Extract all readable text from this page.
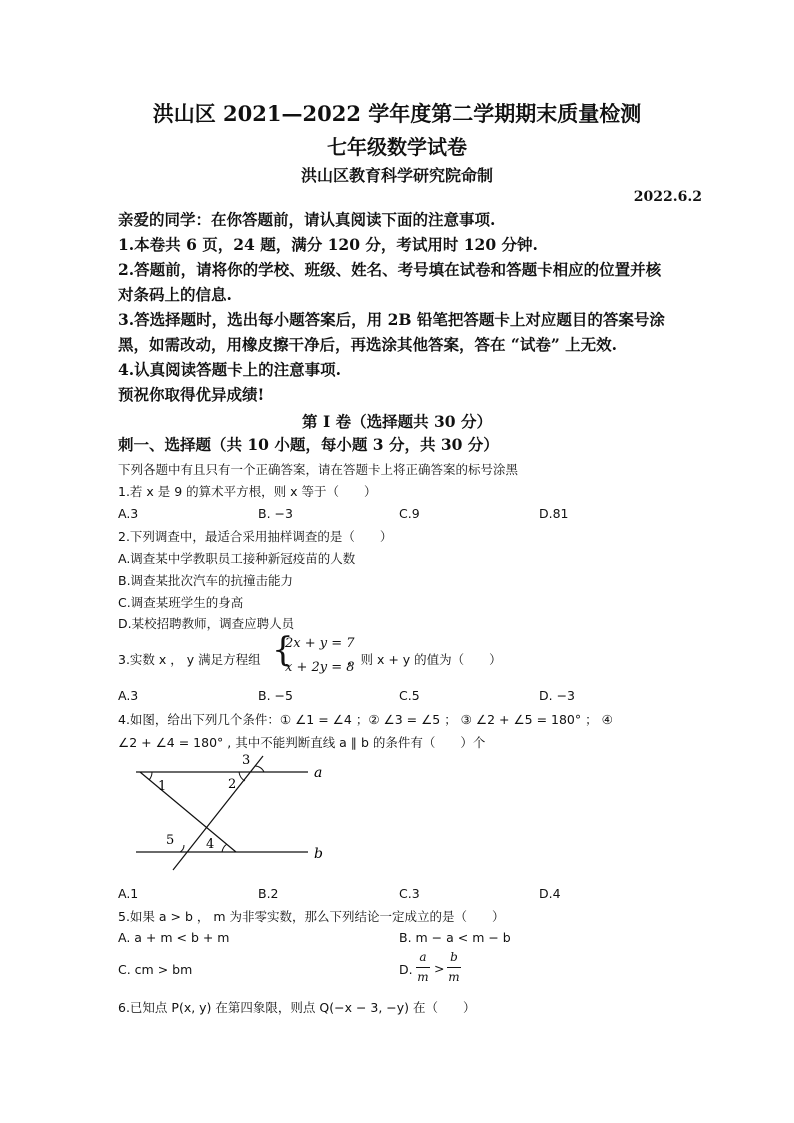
洪山区 2021—2022 学年度第二学期期末质量检测
七年级数学试卷
洪山区教育科学研究院命制
2022.6.2
亲爱的同学：在你答题前，请认真阅读下面的注意事项.
1.本卷共 6 页，24 题，满分 120 分，考试用时 120 分钟.
2.答题前，请将你的学校、班级、姓名、考号填在试卷和答题卡相应的位置并核
对条码上的信息.
3.答选择题时，选出每小题答案后，用 2B 铅笔把答题卡上对应题目的答案号涂
黑，如需改动，用橡皮擦干净后，再选涂其他答案，答在 “试卷” 上无效.
4.认真阅读答题卡上的注意事项.
预祝你取得优异成绩!
第 I 卷（选择题共 30 分）
刺一、选择题（共 10 小题，每小题 3 分，共 30 分）
下列各题中有且只有一个正确答案，请在答题卡上将正确答案的标号涂黑
1.若 x 是 9 的算术平方根，则 x 等于（　　）
A.3	B. −3	C.9	D.81
2.下列调查中，最适合采用抽样调查的是（　　）
A.调查某中学教职员工接种新冠疫苗的人数
B.调查某批次汽车的抗撞击能力
C.调查某班学生的身高
D.某校招聘教师，调查应聘人员
3.实数 x ， y 满足方程组 {
2x + y = 7
x + 2y = 8
，则 x + y 的值为（　　）
A.3	B. −5	C.5	D. −3
4.如图，给出下列几个条件：① ∠1 = ∠4 ；② ∠3 = ∠5 ； ③ ∠2 + ∠5 = 180° ； ④
∠2 + ∠4 = 180° , 其中不能判断直线 a ∥ b 的条件有（　　）个
a
b
1	2
3
4
5
A.1	B.2	C.3	D.4
5.如果 a > b ， m 为非零实数，那么下列结论一定成立的是（　　）
A. a + m < b + m	B. m − a < m − b
C. cm > bm	D.
a
m
>
b
m
6.已知点 P(x, y) 在第四象限，则点 Q(−x − 3, −y) 在（　　）
